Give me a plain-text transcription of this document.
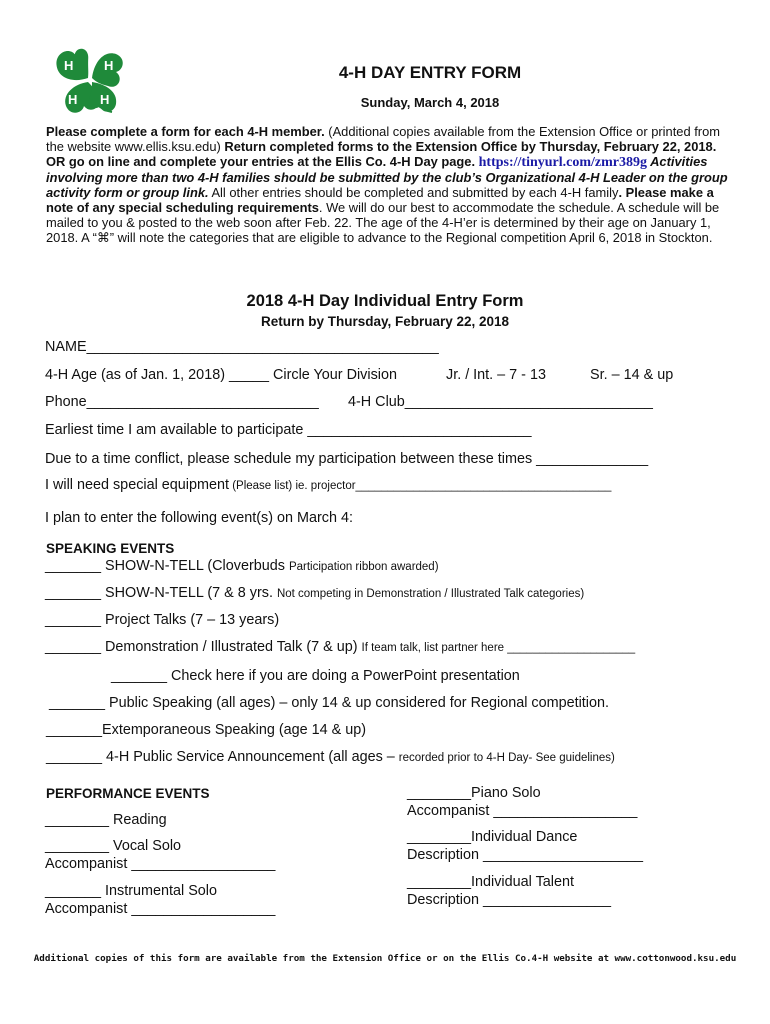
H H
H H
4-H DAY ENTRY FORM
Sunday, March 4, 2018
Please complete a form for each 4-H member. (Additional copies available from the Extension Office or printed from the website www.ellis.ksu.edu) Return completed forms to the Extension Office by Thursday, February 22, 2018. OR go on line and complete your entries at the Ellis Co. 4-H Day page. https://tinyurl.com/zmr389g Activities involving more than two 4-H families should be submitted by the club’s Organizational 4-H Leader on the group activity form or group link. All other entries should be completed and submitted by each 4-H family. Please make a note of any special scheduling requirements. We will do our best to accommodate the schedule. A schedule will be mailed to you & posted to the web soon after Feb. 22. The age of the 4-H’er is determined by their age on January 1, 2018. A “⌘” will note the categories that are eligible to advance to the Regional competition April 6, 2018 in Stockton.
2018 4-H Day Individual Entry Form
Return by Thursday, February 22, 2018
NAME____________________________________________
4-H Age (as of Jan. 1, 2018) _____ Circle Your Division	Jr. / Int. – 7 - 13	Sr. – 14 & up
Phone_____________________________ 4-H Club_______________________________
Earliest time I am available to participate ____________________________
Due to a time conflict, please schedule my participation between these times ______________
I will need special equipment (Please list) ie. projector________________________________________
I plan to enter the following event(s) on March 4:
SPEAKING EVENTS
_______ SHOW-N-TELL (Cloverbuds Participation ribbon awarded)
_______ SHOW-N-TELL (7 & 8 yrs. Not competing in Demonstration / Illustrated Talk categories)
_______ Project Talks (7 – 13 years)
_______ Demonstration / Illustrated Talk (7 & up) If team talk, list partner here ____________________
_______ Check here if you are doing a PowerPoint presentation
_______ Public Speaking (all ages) – only 14 & up considered for Regional competition.
_______Extemporaneous Speaking (age 14 & up)
_______ 4-H Public Service Announcement (all ages – recorded prior to 4-H Day- See guidelines)
PERFORMANCE EVENTS
________ Reading
________ Vocal Solo
Accompanist __________________
_______ Instrumental Solo
Accompanist __________________
________Piano Solo
Accompanist __________________
________Individual Dance
Description ____________________
________Individual Talent
Description ________________
Additional copies of this form are available from the Extension Office or on the Ellis Co.4-H website at www.cottonwood.ksu.edu
